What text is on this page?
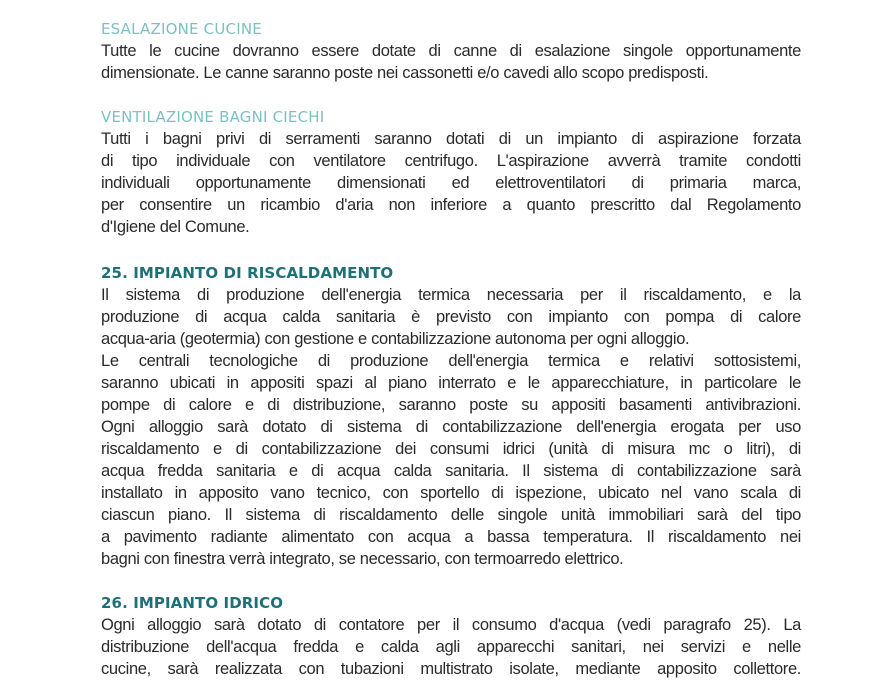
ESALAZIONE CUCINE
Tutte le cucine dovranno essere dotate di canne di esalazione singole opportunamente
dimensionate. Le canne saranno poste nei cassonetti e/o cavedi allo scopo predisposti.
VENTILAZIONE BAGNI CIECHI
Tutti i bagni privi di serramenti saranno dotati di un impianto di aspirazione forzata
di tipo individuale con ventilatore centrifugo. L'aspirazione avverrà tramite condotti
individuali opportunamente dimensionati ed elettroventilatori di primaria marca,
per consentire un ricambio d'aria non inferiore a quanto prescritto dal Regolamento
d'Igiene del Comune.
25. IMPIANTO DI RISCALDAMENTO
Il sistema di produzione dell'energia termica necessaria per il riscaldamento, e la
produzione di acqua calda sanitaria è previsto con impianto con pompa di calore
acqua-aria (geotermia) con gestione e contabilizzazione autonoma per ogni alloggio.
Le centrali tecnologiche di produzione dell'energia termica e relativi sottosistemi,
saranno ubicati in appositi spazi al piano interrato e le apparecchiature, in particolare le
pompe di calore e di distribuzione, saranno poste su appositi basamenti antivibrazioni.
Ogni alloggio sarà dotato di sistema di contabilizzazione dell'energia erogata per uso
riscaldamento e di contabilizzazione dei consumi idrici (unità di misura mc o litri), di
acqua fredda sanitaria e di acqua calda sanitaria. Il sistema di contabilizzazione sarà
installato in apposito vano tecnico, con sportello di ispezione, ubicato nel vano scala di
ciascun piano. Il sistema di riscaldamento delle singole unità immobiliari sarà del tipo
a pavimento radiante alimentato con acqua a bassa temperatura. Il riscaldamento nei
bagni con finestra verrà integrato, se necessario, con termoarredo elettrico.
26. IMPIANTO IDRICO
Ogni alloggio sarà dotato di contatore per il consumo d'acqua (vedi paragrafo 25). La
distribuzione dell'acqua fredda e calda agli apparecchi sanitari, nei servizi e nelle
cucine, sarà realizzata con tubazioni multistrato isolate, mediante apposito collettore.
